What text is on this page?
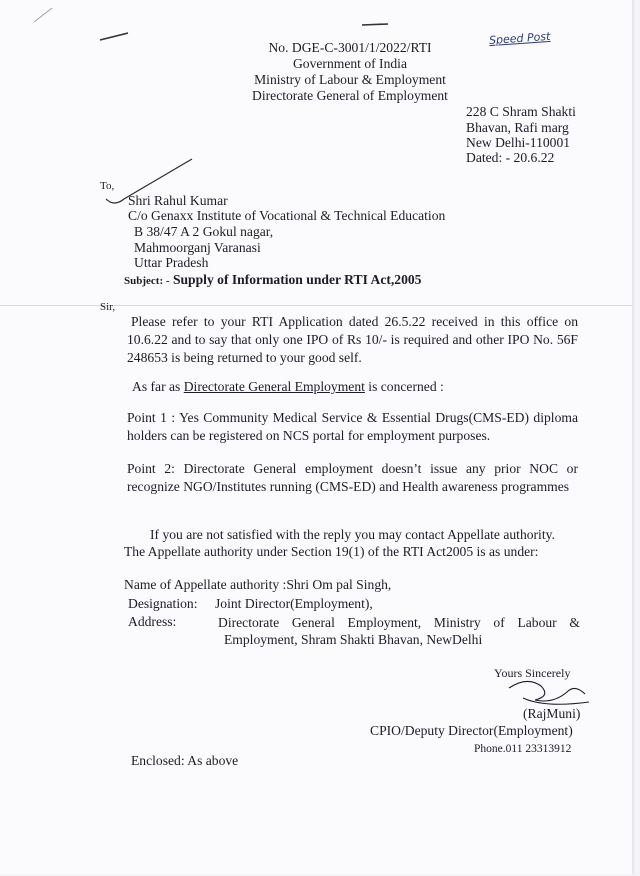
Speed Post
No. DGE-C-3001/1/2022/RTI
Government of India
Ministry of Labour & Employment
Directorate General of Employment
228 C Shram Shakti
Bhavan, Rafi marg
New Delhi-110001
Dated: - 20.6.22
To,
Shri Rahul Kumar
C/o Genaxx Institute of Vocational & Technical Education
B 38/47 A 2 Gokul nagar,
Mahmoorganj Varanasi
Uttar Pradesh
Subject: - Supply of Information under RTI Act,2005
Sir,
Please refer to your RTI Application dated 26.5.22 received in this office on 10.6.22 and to say that only one IPO of Rs 10/- is required and other IPO No. 56F 248653 is being returned to your good self.
As far as Directorate General Employment is concerned :
Point 1 : Yes Community Medical Service & Essential Drugs(CMS-ED) diploma holders can be registered on NCS portal for employment purposes.
Point 2: Directorate General employment doesn’t issue any prior NOC or recognize NGO/Institutes running (CMS-ED) and Health awareness programmes
If you are not satisfied with the reply you may contact Appellate authority.
The Appellate authority under Section 19(1) of the RTI Act2005 is as under:
Name of Appellate authority :Shri Om pal Singh,
Designation: Joint Director(Employment),
Address:	Directorate General Employment, Ministry of Labour &
Employment, Shram Shakti Bhavan, NewDelhi
Yours Sincerely
(RajMuni)
CPIO/Deputy Director(Employment)
Phone.011 23313912
Enclosed: As above
